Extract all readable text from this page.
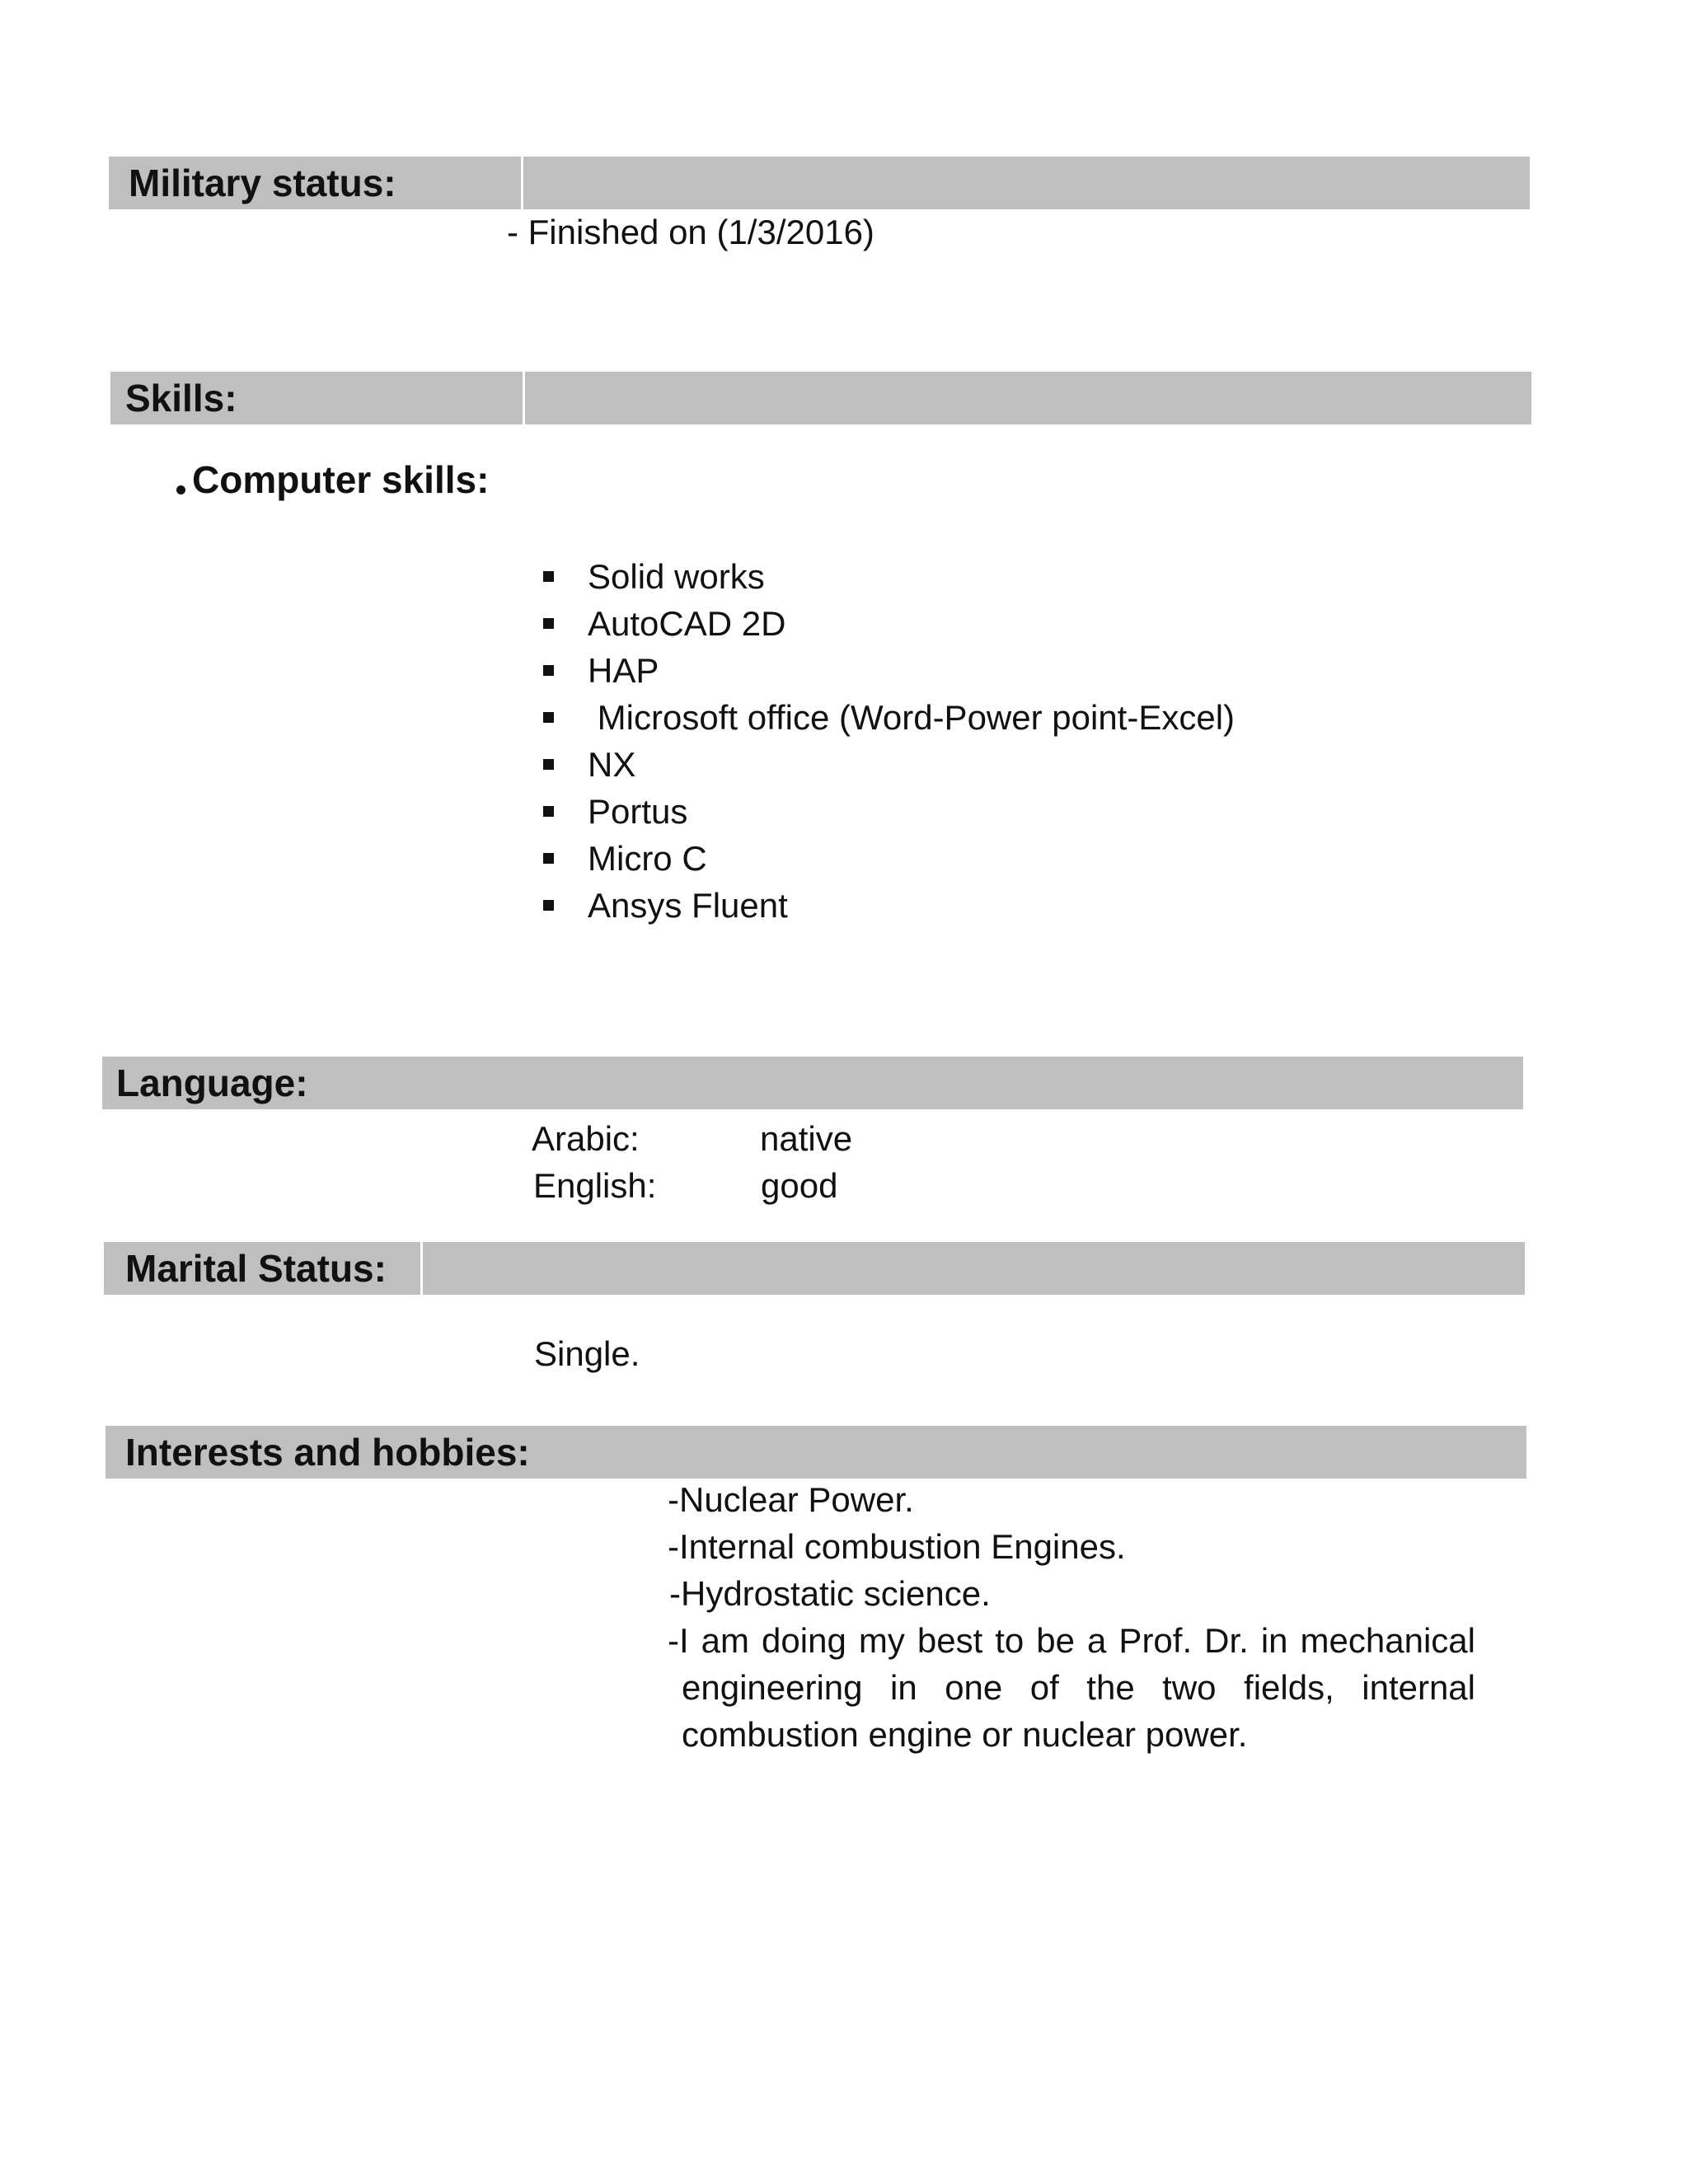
Military status:
- Finished on (1/3/2016)
Skills:
Computer skills:
Solid works
AutoCAD 2D
HAP
Microsoft office (Word-Power point-Excel)
NX
Portus
Micro C
Ansys Fluent
Language:
Arabic:	native
English:	good
Marital Status:
Single.
Interests and hobbies:
-Nuclear Power.
-Internal combustion Engines.
-Hydrostatic science.
-I am doing my best to be a Prof. Dr. in mechanical
engineering in one of the two fields, internal
combustion engine or nuclear power.
